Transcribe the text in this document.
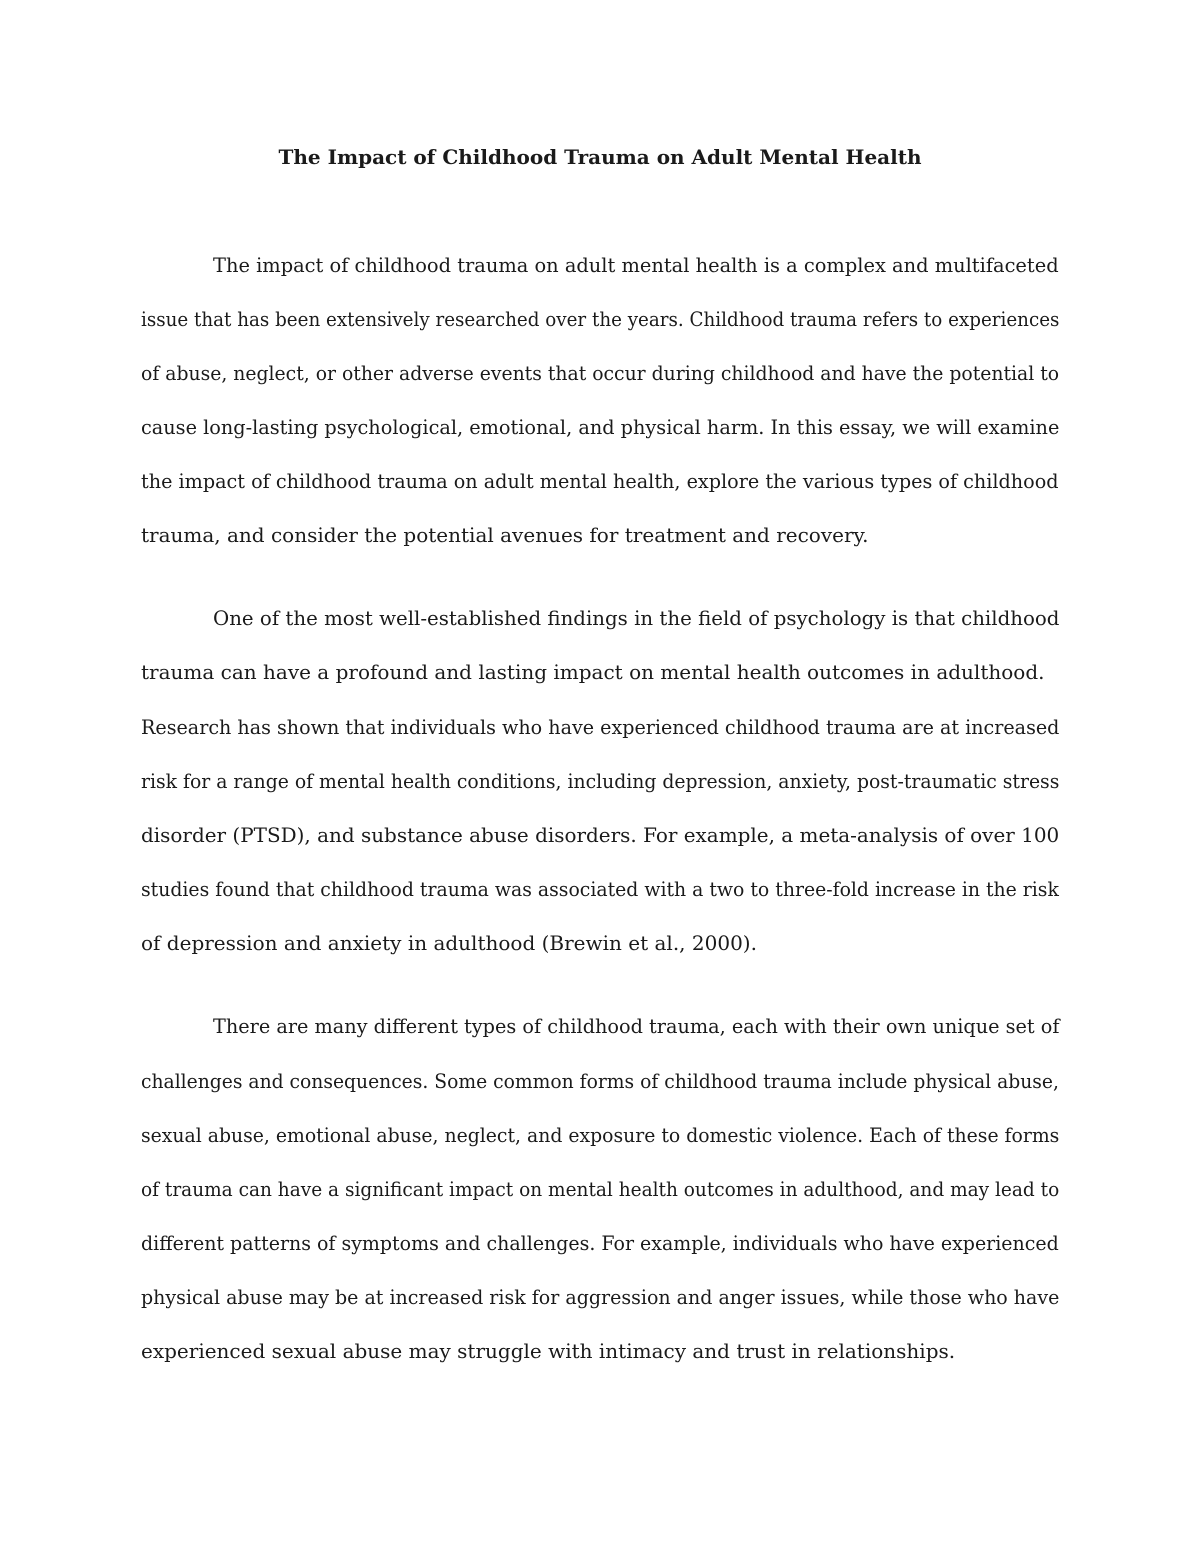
The Impact of Childhood Trauma on Adult Mental Health

The impact of childhood trauma on adult mental health is a complex and multifaceted

issue that has been extensively researched over the years. Childhood trauma refers to experiences

of abuse, neglect, or other adverse events that occur during childhood and have the potential to

cause long-lasting psychological, emotional, and physical harm. In this essay, we will examine

the impact of childhood trauma on adult mental health, explore the various types of childhood

trauma, and consider the potential avenues for treatment and recovery.

One of the most well-established findings in the field of psychology is that childhood

trauma can have a profound and lasting impact on mental health outcomes in adulthood.

Research has shown that individuals who have experienced childhood trauma are at increased

risk for a range of mental health conditions, including depression, anxiety, post-traumatic stress

disorder (PTSD), and substance abuse disorders. For example, a meta-analysis of over 100

studies found that childhood trauma was associated with a two to three-fold increase in the risk

of depression and anxiety in adulthood (Brewin et al., 2000).

There are many different types of childhood trauma, each with their own unique set of

challenges and consequences. Some common forms of childhood trauma include physical abuse,

sexual abuse, emotional abuse, neglect, and exposure to domestic violence. Each of these forms

of trauma can have a significant impact on mental health outcomes in adulthood, and may lead to

different patterns of symptoms and challenges. For example, individuals who have experienced

physical abuse may be at increased risk for aggression and anger issues, while those who have

experienced sexual abuse may struggle with intimacy and trust in relationships.
